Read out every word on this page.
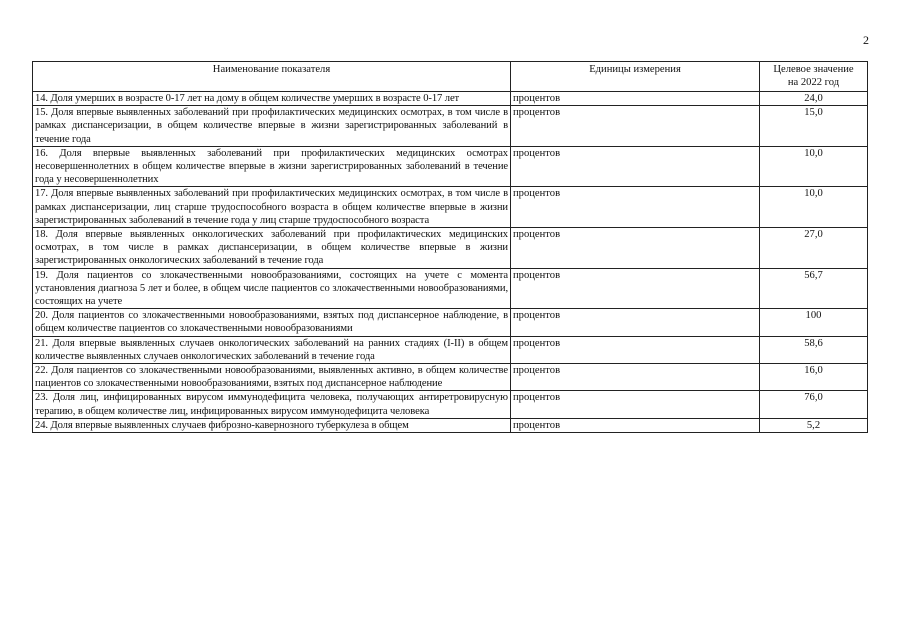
2
Наименование показателя	Единицы измерения	Целевое значение
на 2022 год
14. Доля умерших в возрасте 0-17 лет на дому в общем количестве умерших в возрасте 0-17 лет	процентов	24,0
15. Доля впервые выявленных заболеваний при профилактических медицинских осмотрах, в том числе в рамках диспансеризации, в общем количестве впервые в жизни зарегистрированных заболеваний в течение года	процентов	15,0
16. Доля впервые выявленных заболеваний при профилактических медицинских осмотрах несовершеннолетних в общем количестве впервые в жизни зарегистрированных заболеваний в течение года у несовершеннолетних	процентов	10,0
17. Доля впервые выявленных заболеваний при профилактических медицинских осмотрах, в том числе в рамках диспансеризации, лиц старше трудоспособного возраста в общем количестве впервые в жизни зарегистрированных заболеваний в течение года у лиц старше трудоспособного возраста	процентов	10,0
18. Доля впервые выявленных онкологических заболеваний при профилактических медицинских осмотрах, в том числе в рамках диспансеризации, в общем количестве впервые в жизни зарегистрированных онкологических заболеваний в течение года	процентов	27,0
19. Доля пациентов со злокачественными новообразованиями, состоящих на учете с момента установления диагноза 5 лет и более, в общем числе пациентов со злокачественными новообразованиями, состоящих на учете	процентов	56,7
20. Доля пациентов со злокачественными новообразованиями, взятых под диспансерное наблюдение, в общем количестве пациентов со злокачественными новообразованиями	процентов	100
21. Доля впервые выявленных случаев онкологических заболеваний на ранних стадиях (I-II) в общем количестве выявленных случаев онкологических заболеваний в течение года	процентов	58,6
22. Доля пациентов со злокачественными новообразованиями, выявленных активно, в общем количестве пациентов со злокачественными новообразованиями, взятых под диспансерное наблюдение	процентов	16,0
23. Доля лиц, инфицированных вирусом иммунодефицита человека, получающих антиретровирусную терапию, в общем количестве лиц, инфицированных вирусом иммунодефицита человека	процентов	76,0
24. Доля впервые выявленных случаев фиброзно-кавернозного туберкулеза в общем	процентов	5,2
